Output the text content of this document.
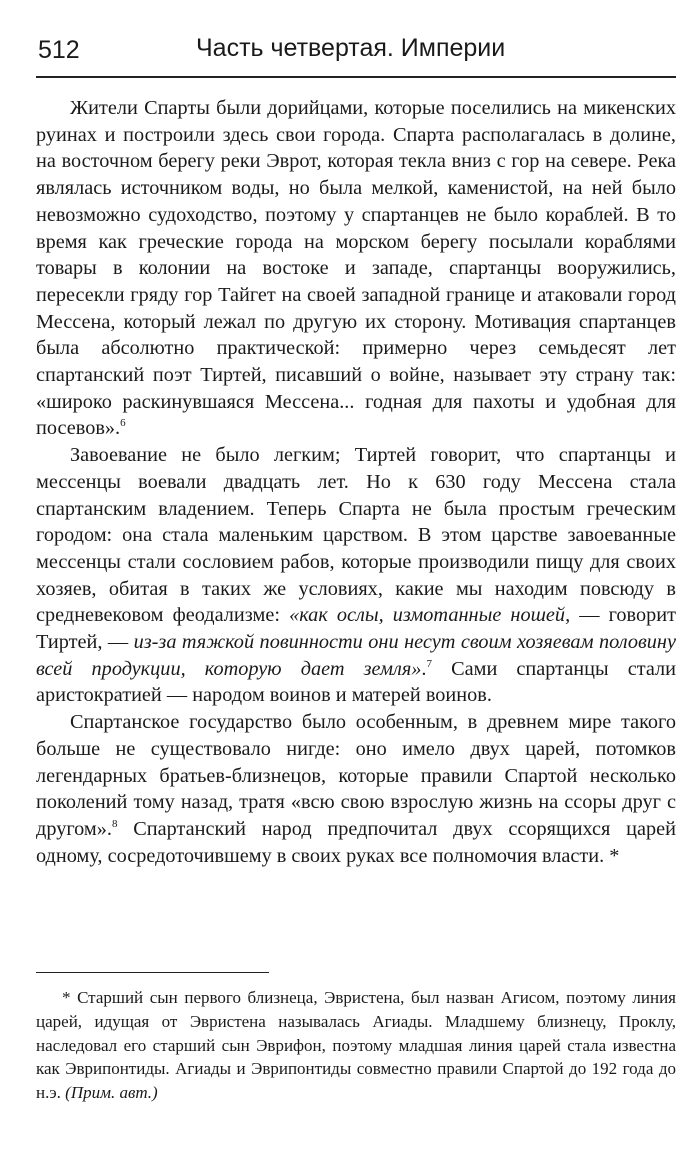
512	Часть четвертая. Империи

Жители Спарты были дорийцами, которые поселились на микенских руинах и построили здесь свои города. Спарта располагалась в долине, на восточном берегу реки Эврот, которая текла вниз с гор на севере. Река являлась источником воды, но была мелкой, каменистой, на ней было невозможно судоходство, поэтому у спартанцев не было кораблей. В то время как греческие города на морском берегу посылали кораблями товары в колонии на востоке и западе, спартанцы вооружились, пересекли гряду гор Тайгет на своей западной границе и атаковали город Мессена, который лежал по другую их сторону. Мотивация спартанцев была абсолютно практической: примерно через семьдесят лет спартанский поэт Тиртей, писавший о войне, называет эту страну так: «широко раскинувшаяся Мессена... годная для пахоты и удобная для посевов».$^6$

Завоевание не было легким; Тиртей говорит, что спартанцы и мессенцы воевали двадцать лет. Но к 630 году Мессена стала спартанским владением. Теперь Спарта не была простым греческим городом: она стала маленьким царством. В этом царстве завоеванные мессенцы стали сословием рабов, которые производили пищу для своих хозяев, обитая в таких же условиях, какие мы находим повсюду в средневековом феодализме: «как ослы, измотанные ношей, — говорит Тиртей, — из-за тяжкой повинности они несут своим хозяевам половину всей продукции, которую дает земля».$^7$ Сами спартанцы стали аристократией — народом воинов и матерей воинов.

Спартанское государство было особенным, в древнем мире такого больше не существовало нигде: оно имело двух царей, потомков легендарных братьев-близнецов, которые правили Спартой несколько поколений тому назад, тратя «всю свою взрослую жизнь на ссоры друг с другом».$^8$ Спартанский народ предпочитал двух ссорящихся царей одному, сосредоточившему в своих руках все полномочия власти. *

* Старший сын первого близнеца, Эвристена, был назван Агисом, поэтому линия царей, идущая от Эвристена называлась Агиады. Младшему близнецу, Проклу, наследовал его старший сын Эврифон, поэтому младшая линия царей стала известна как Эврипонтиды. Агиады и Эврипонтиды совместно правили Спартой до 192 года до н.э. (Прим. авт.)
